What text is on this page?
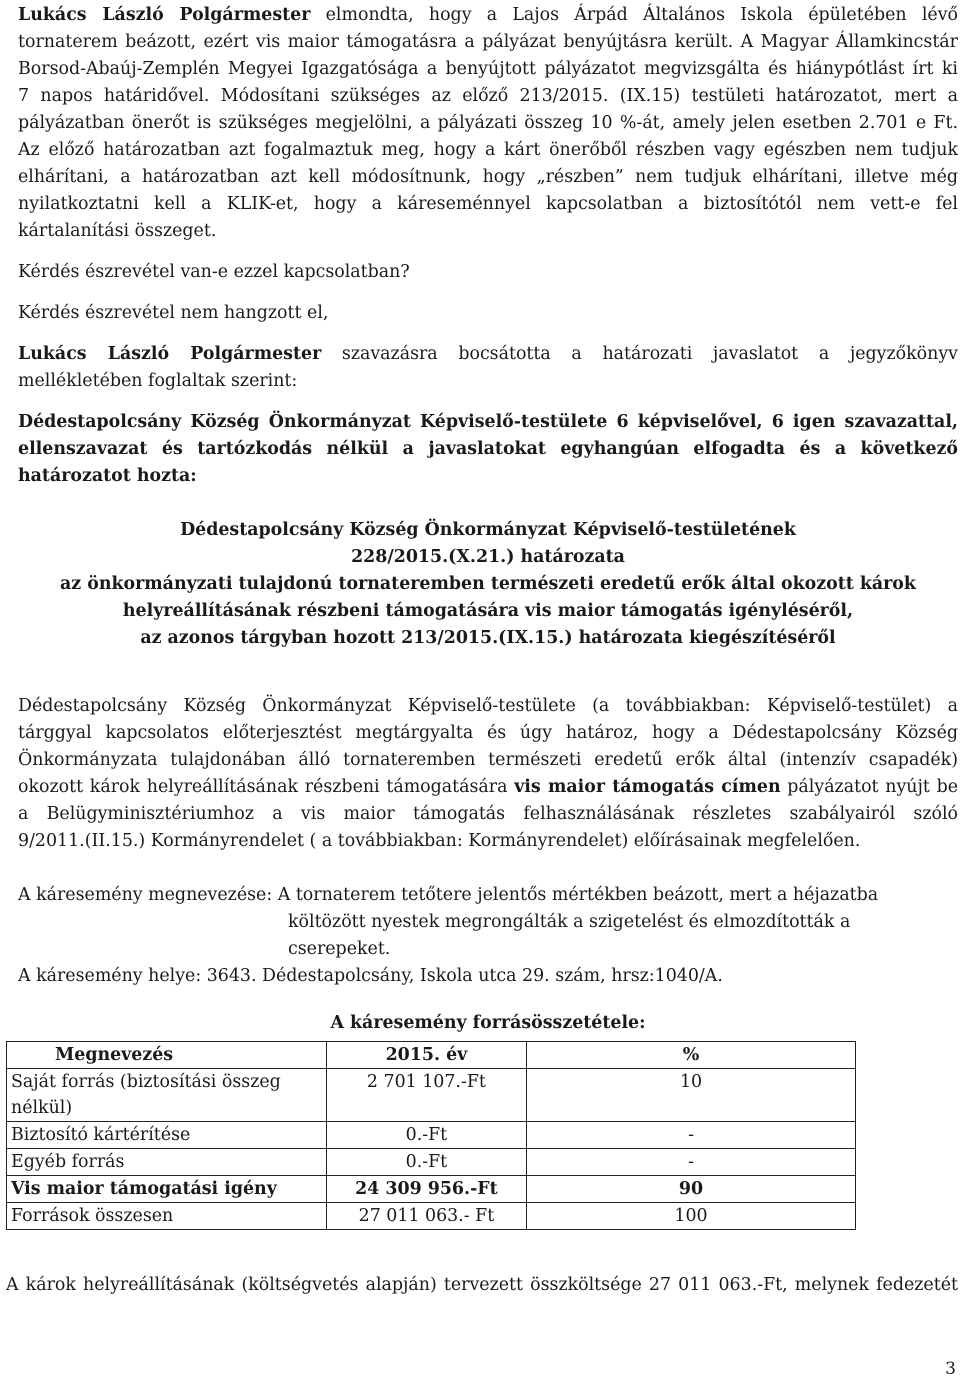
Lukács László Polgármester elmondta, hogy a Lajos Árpád Általános Iskola épületében lévő

tornaterem beázott, ezért vis maior támogatásra a pályázat benyújtásra került. A Magyar Államkincstár

Borsod-Abaúj-Zemplén Megyei Igazgatósága a benyújtott pályázatot megvizsgálta és hiánypótlást írt ki

7 napos határidővel. Módosítani szükséges az előző 213/2015. (IX.15) testületi határozatot, mert a

pályázatban önerőt is szükséges megjelölni, a pályázati összeg 10 %-át, amely jelen esetben 2.701 e Ft.

Az előző határozatban azt fogalmaztuk meg, hogy a kárt önerőből részben vagy egészben nem tudjuk

elhárítani, a határozatban azt kell módosítnunk, hogy „részben” nem tudjuk elhárítani, illetve még

nyilatkoztatni kell a KLIK-et, hogy a káreseménnyel kapcsolatban a biztosítótól nem vett-e fel

kártalanítási összeget.

Kérdés észrevétel van-e ezzel kapcsolatban?

Kérdés észrevétel nem hangzott el,

Lukács László Polgármester szavazásra bocsátotta a határozati javaslatot a jegyzőkönyv

mellékletében foglaltak szerint:

Dédestapolcsány Község Önkormányzat Képviselő-testülete 6 képviselővel, 6 igen szavazattal,

ellenszavazat és tartózkodás nélkül a javaslatokat egyhangúan elfogadta és a következő

határozatot hozta:

Dédestapolcsány Község Önkormányzat Képviselő-testületének

228/2015.(X.21.) határozata

az önkormányzati tulajdonú tornateremben természeti eredetű erők által okozott károk

helyreállításának részbeni támogatására vis maior támogatás igényléséről,

az azonos tárgyban hozott 213/2015.(IX.15.) határozata kiegészítéséről

Dédestapolcsány Község Önkormányzat Képviselő-testülete (a továbbiakban: Képviselő-testület) a

tárggyal kapcsolatos előterjesztést megtárgyalta és úgy határoz, hogy a Dédestapolcsány Község

Önkormányzata tulajdonában álló tornateremben természeti eredetű erők által (intenzív csapadék)

okozott károk helyreállításának részbeni támogatására vis maior támogatás címen pályázatot nyújt be

a Belügyminisztériumhoz a vis maior támogatás felhasználásának részletes szabályairól szóló

9/2011.(II.15.) Kormányrendelet ( a továbbiakban: Kormányrendelet) előírásainak megfelelően.

A káresemény megnevezése: A tornaterem tetőtere jelentős mértékben beázott, mert a héjazatba

költözött nyestek megrongálták a szigetelést és elmozdították a

cserepeket.

A káresemény helye: 3643. Dédestapolcsány, Iskola utca 29. szám, hrsz:1040/A.

A káresemény forrásösszetétele:

Megnevezés	2015. év	%
Saját forrás (biztosítási összeg nélkül)	2 701 107.-Ft	10
Biztosító kártérítése	0.-Ft	-
Egyéb forrás	0.-Ft	-
Vis maior támogatási igény	24 309 956.-Ft	90
Források összesen	27 011 063.- Ft	100

A károk helyreállításának (költségvetés alapján) tervezett összköltsége 27 011 063.-Ft, melynek fedezetét

3
